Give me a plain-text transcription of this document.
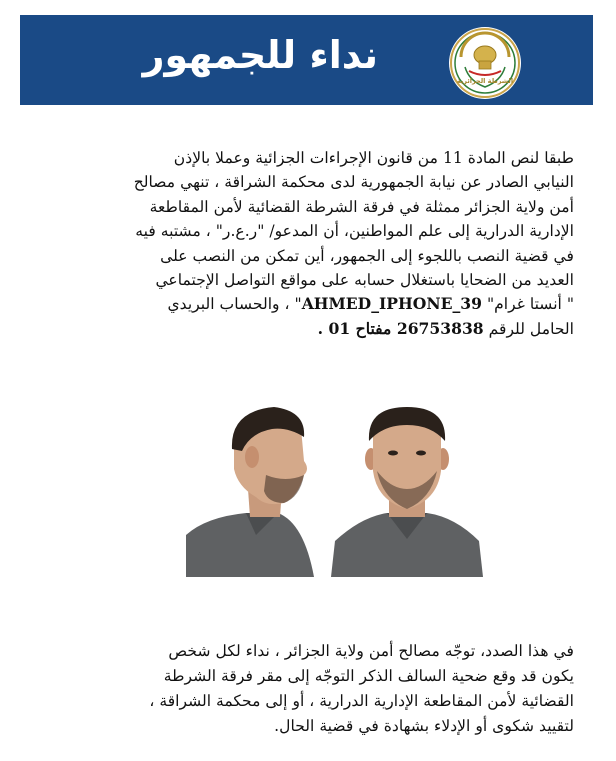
نداء للجمهور
الشرطة الجزائرية

طبقا لنص المادة 11 من قانون الإجراءات الجزائية وعملا بالإذن

النيابي الصادر عن نيابة الجمهورية لدى محكمة الشراقة ، تنهي مصالح

أمن ولاية الجزائر ممثلة في فرقة الشرطة القضائية لأمن المقاطعة

الإدارية الدرارية إلى علم المواطنين، أن المدعو/ "ر.ع.ر" ، مشتبه فيه

في قضية النصب باللجوء إلى الجمهور، أين تمكن من النصب على

العديد من الضحايا باستغلال حسابه على مواقع التواصل الإجتماعي

" أنستا غرام" AHMED_IPHONE_39" ، والحساب البريدي

الحامل للرقم 26753838 مفتاح 01 .

في هذا الصدد، توجّه مصالح أمن ولاية الجزائر ، نداء لكل شخص

يكون قد وقع ضحية السالف الذكر التوجّه إلى مقر فرقة الشرطة

القضائية لأمن المقاطعة الإدارية الدرارية ، أو إلى محكمة الشراقة ،

لتقييد شكوى أو الإدلاء بشهادة في قضية الحال.
